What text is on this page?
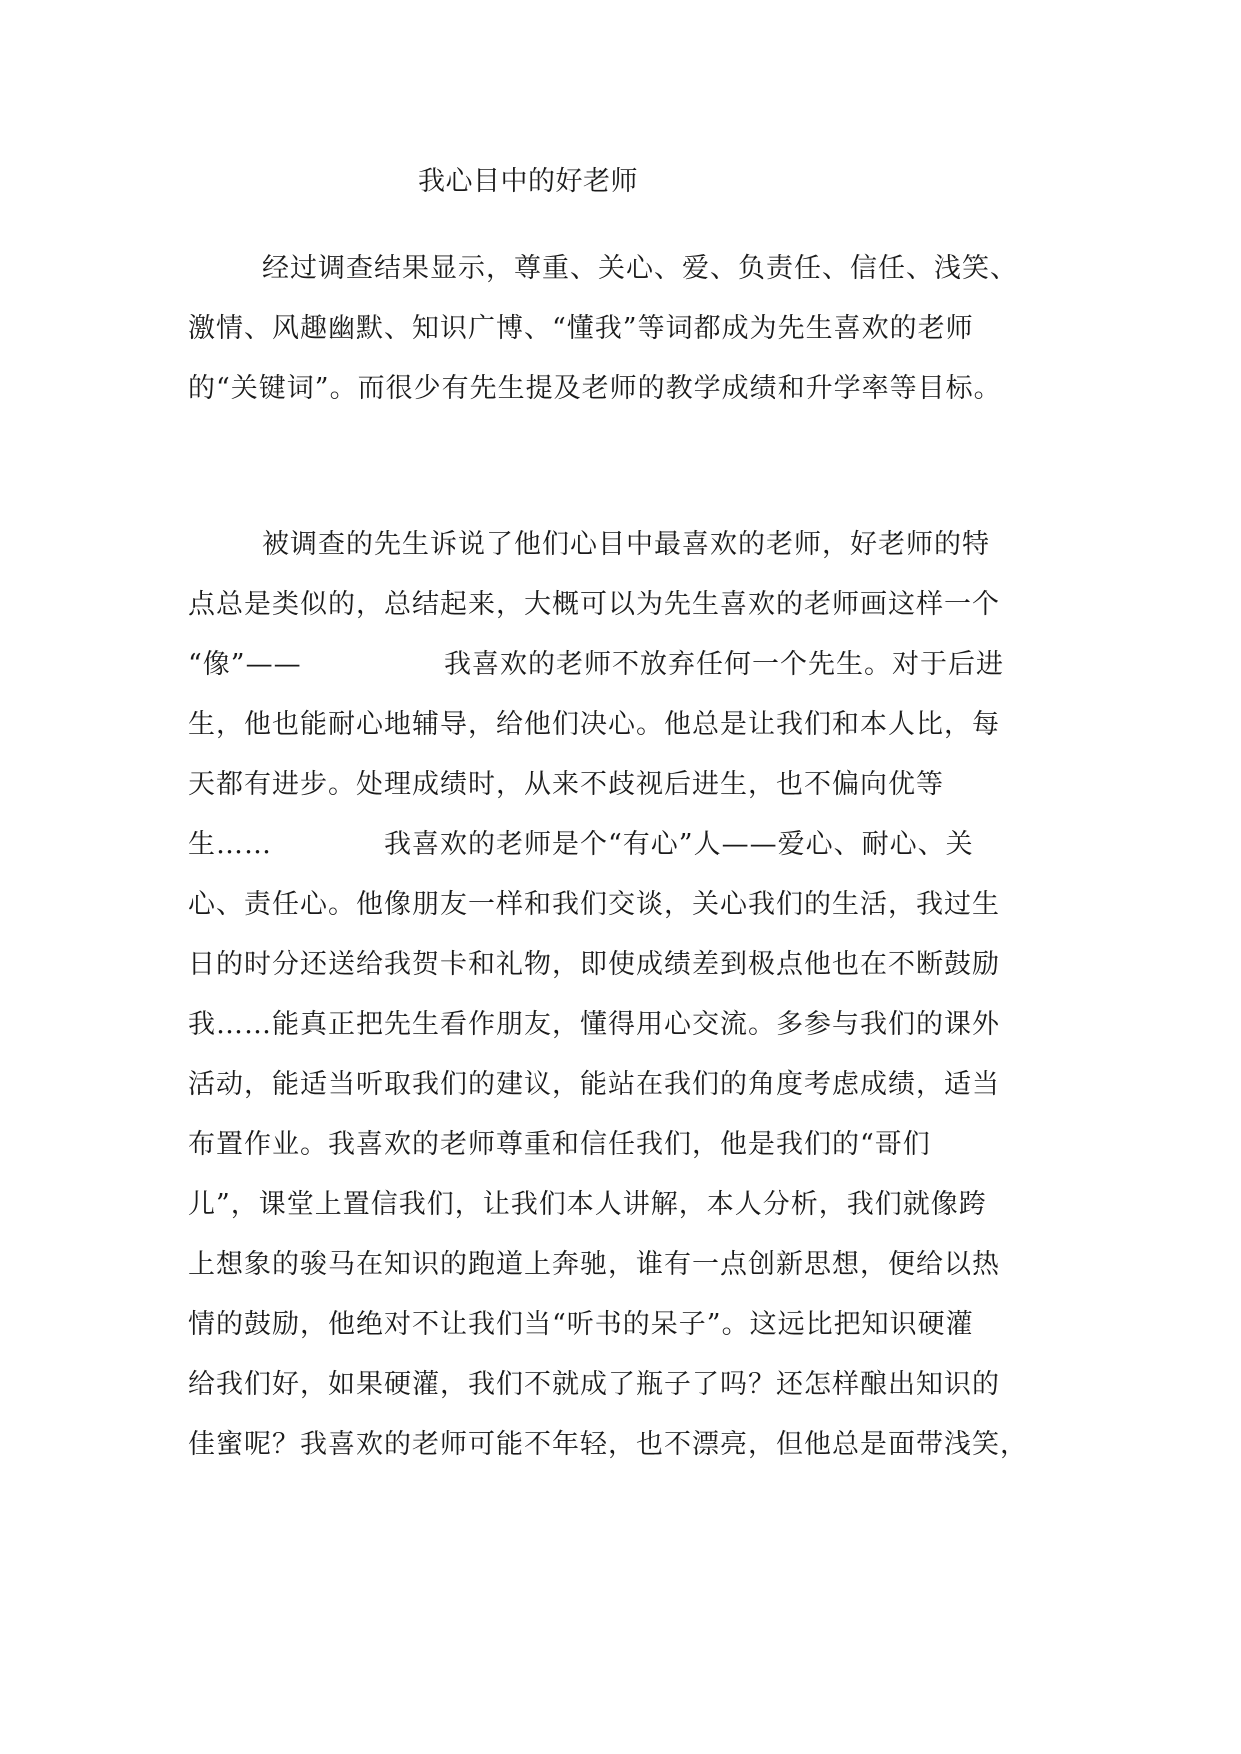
我心目中的好老师
经过调查结果显示，尊重、关心、爱、负责任、信任、浅笑、
激情、风趣幽默、知识广博、“懂我”等词都成为先生喜欢的老师
的“关键词”。而很少有先生提及老师的教学成绩和升学率等目标。
被调查的先生诉说了他们心目中最喜欢的老师，好老师的特
点总是类似的，总结起来，大概可以为先生喜欢的老师画这样一个
“像”——	我喜欢的老师不放弃任何一个先生。对于后进
生，他也能耐心地辅导，给他们决心。他总是让我们和本人比，每
天都有进步。处理成绩时，从来不歧视后进生，也不偏向优等
生……	我喜欢的老师是个“有心”人——爱心、耐心、关
心、责任心。他像朋友一样和我们交谈，关心我们的生活，我过生
日的时分还送给我贺卡和礼物，即使成绩差到极点他也在不断鼓励
我……能真正把先生看作朋友，懂得用心交流。多参与我们的课外
活动，能适当听取我们的建议，能站在我们的角度考虑成绩，适当
布置作业。我喜欢的老师尊重和信任我们，他是我们的“哥们
儿”，课堂上置信我们，让我们本人讲解，本人分析，我们就像跨
上想象的骏马在知识的跑道上奔驰，谁有一点创新思想，便给以热
情的鼓励，他绝对不让我们当“听书的呆子”。这远比把知识硬灌
给我们好，如果硬灌，我们不就成了瓶子了吗？还怎样酿出知识的
佳蜜呢？我喜欢的老师可能不年轻，也不漂亮，但他总是面带浅笑，
